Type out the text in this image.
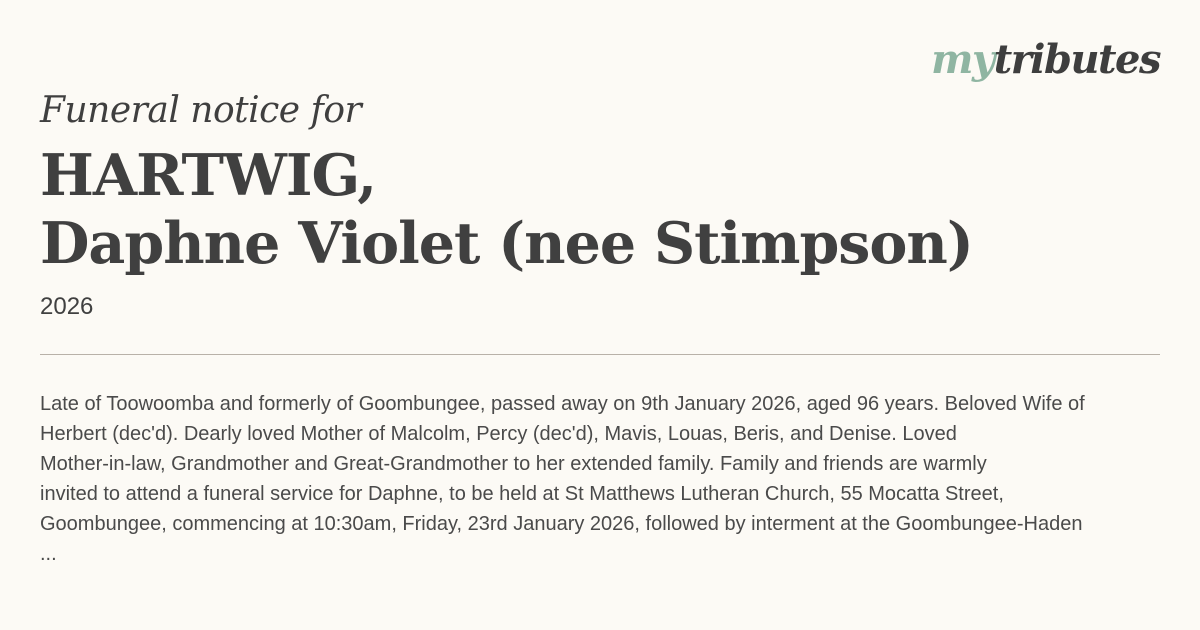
mytributes
Funeral notice for
HARTWIG,
Daphne Violet (nee Stimpson)
2026
Late of Toowoomba and formerly of Goombungee, passed away on 9th January 2026, aged 96 years. Beloved Wife of
Herbert (dec'd). Dearly loved Mother of Malcolm, Percy (dec'd), Mavis, Louas, Beris, and Denise. Loved
Mother-in-law, Grandmother and Great-Grandmother to her extended family. Family and friends are warmly
invited to attend a funeral service for Daphne, to be held at St Matthews Lutheran Church, 55 Mocatta Street,
Goombungee, commencing at 10:30am, Friday, 23rd January 2026, followed by interment at the Goombungee-Haden
...
